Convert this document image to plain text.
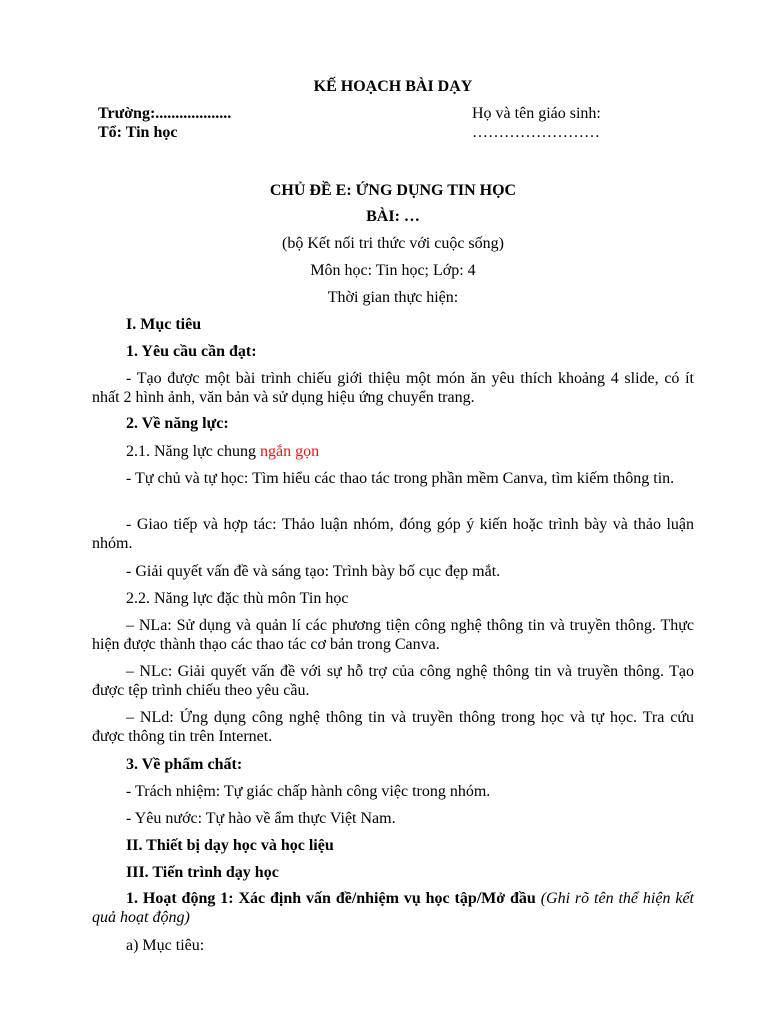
KẾ HOẠCH BÀI DẠY
Trường:...................
Tổ: Tin học
Họ và tên giáo sinh:
……………………
CHỦ ĐỀ E: ỨNG DỤNG TIN HỌC
BÀI: …
(bộ Kết nối tri thức với cuộc sống)
Môn học: Tin học; Lớp: 4
Thời gian thực hiện:
I. Mục tiêu
1. Yêu cầu cần đạt:
- Tạo được một bài trình chiếu giới thiệu một món ăn yêu thích khoảng 4 slide, có ít nhất 2 hình ảnh, văn bản và sử dụng hiệu ứng chuyển trang.
2. Về năng lực:
2.1. Năng lực chung ngắn gọn
- Tự chủ và tự học: Tìm hiểu các thao tác trong phần mềm Canva, tìm kiếm thông tin.
- Giao tiếp và hợp tác: Thảo luận nhóm, đóng góp ý kiến hoặc trình bày và thảo luận nhóm.
- Giải quyết vấn đề và sáng tạo: Trình bày bố cục đẹp mắt.
2.2. Năng lực đặc thù môn Tin học
– NLa: Sử dụng và quản lí các phương tiện công nghệ thông tin và truyền thông. Thực hiện được thành thạo các thao tác cơ bản trong Canva.
– NLc: Giải quyết vấn đề với sự hỗ trợ của công nghệ thông tin và truyền thông. Tạo được tệp trình chiếu theo yêu cầu.
– NLd: Ứng dụng công nghệ thông tin và truyền thông trong học và tự học. Tra cứu được thông tin trên Internet.
3. Về phẩm chất:
- Trách nhiệm: Tự giác chấp hành công việc trong nhóm.
- Yêu nước: Tự hào về ẩm thực Việt Nam.
II. Thiết bị dạy học và học liệu
III. Tiến trình dạy học
1. Hoạt động 1: Xác định vấn đề/nhiệm vụ học tập/Mở đầu (Ghi rõ tên thể hiện kết quả hoạt động)
a) Mục tiêu:
